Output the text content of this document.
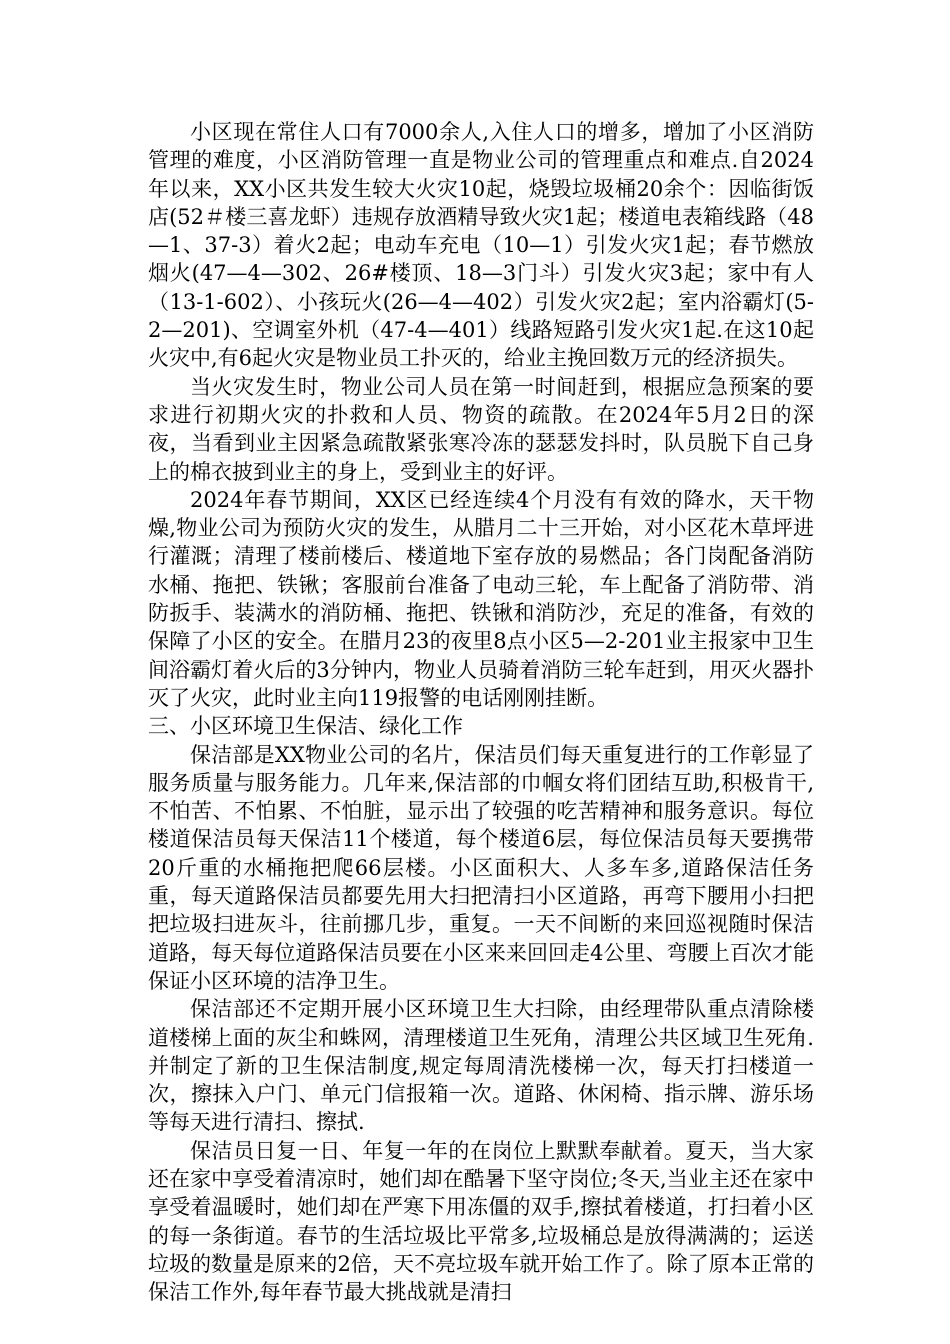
小区现在常住人口有7000余人,入住人口的增多，增加了小区消防管理的难度，小区消防管理一直是物业公司的管理重点和难点.自2024年以来，XX小区共发生较大火灾10起，烧毁垃圾桶20余个：因临街饭店(52＃楼三喜龙虾）违规存放酒精导致火灾1起；楼道电表箱线路（48—1、37-3）着火2起；电动车充电（10—1）引发火灾1起；春节燃放烟火(47—4—302、26#楼顶、18—3门斗）引发火灾3起；家中有人（13-1-602）、小孩玩火(26—4—402）引发火灾2起；室内浴霸灯(5-2—201)、空调室外机（47-4—401）线路短路引发火灾1起.在这10起火灾中,有6起火灾是物业员工扑灭的，给业主挽回数万元的经济损失。

当火灾发生时，物业公司人员在第一时间赶到，根据应急预案的要求进行初期火灾的扑救和人员、物资的疏散。在2024年5月2日的深夜，当看到业主因紧急疏散紧张寒冷冻的瑟瑟发抖时，队员脱下自己身上的棉衣披到业主的身上，受到业主的好评。

2024年春节期间，XX区已经连续4个月没有有效的降水，天干物燥,物业公司为预防火灾的发生，从腊月二十三开始，对小区花木草坪进行灌溉；清理了楼前楼后、楼道地下室存放的易燃品；各门岗配备消防水桶、拖把、铁锹；客服前台准备了电动三轮，车上配备了消防带、消防扳手、装满水的消防桶、拖把、铁锹和消防沙，充足的准备，有效的保障了小区的安全。在腊月23的夜里8点小区5—2-201业主报家中卫生间浴霸灯着火后的3分钟内，物业人员骑着消防三轮车赶到，用灭火器扑灭了火灾，此时业主向119报警的电话刚刚挂断。

三、小区环境卫生保洁、绿化工作

保洁部是XX物业公司的名片，保洁员们每天重复进行的工作彰显了服务质量与服务能力。几年来,保洁部的巾帼女将们团结互助,积极肯干,不怕苦、不怕累、不怕脏，显示出了较强的吃苦精神和服务意识。每位楼道保洁员每天保洁11个楼道，每个楼道6层，每位保洁员每天要携带20斤重的水桶拖把爬66层楼。小区面积大、人多车多,道路保洁任务重，每天道路保洁员都要先用大扫把清扫小区道路，再弯下腰用小扫把把垃圾扫进灰斗，往前挪几步，重复。一天不间断的来回巡视随时保洁道路，每天每位道路保洁员要在小区来来回回走4公里、弯腰上百次才能保证小区环境的洁净卫生。

保洁部还不定期开展小区环境卫生大扫除，由经理带队重点清除楼道楼梯上面的灰尘和蛛网，清理楼道卫生死角，清理公共区域卫生死角.并制定了新的卫生保洁制度,规定每周清洗楼梯一次，每天打扫楼道一次，擦抹入户门、单元门信报箱一次。道路、休闲椅、指示牌、游乐场等每天进行清扫、擦拭.

保洁员日复一日、年复一年的在岗位上默默奉献着。夏天，当大家还在家中享受着清凉时，她们却在酷暑下坚守岗位;冬天,当业主还在家中享受着温暖时，她们却在严寒下用冻僵的双手,擦拭着楼道，打扫着小区的每一条街道。春节的生活垃圾比平常多,垃圾桶总是放得满满的；运送垃圾的数量是原来的2倍，天不亮垃圾车就开始工作了。除了原本正常的保洁工作外,每年春节最大挑战就是清扫
